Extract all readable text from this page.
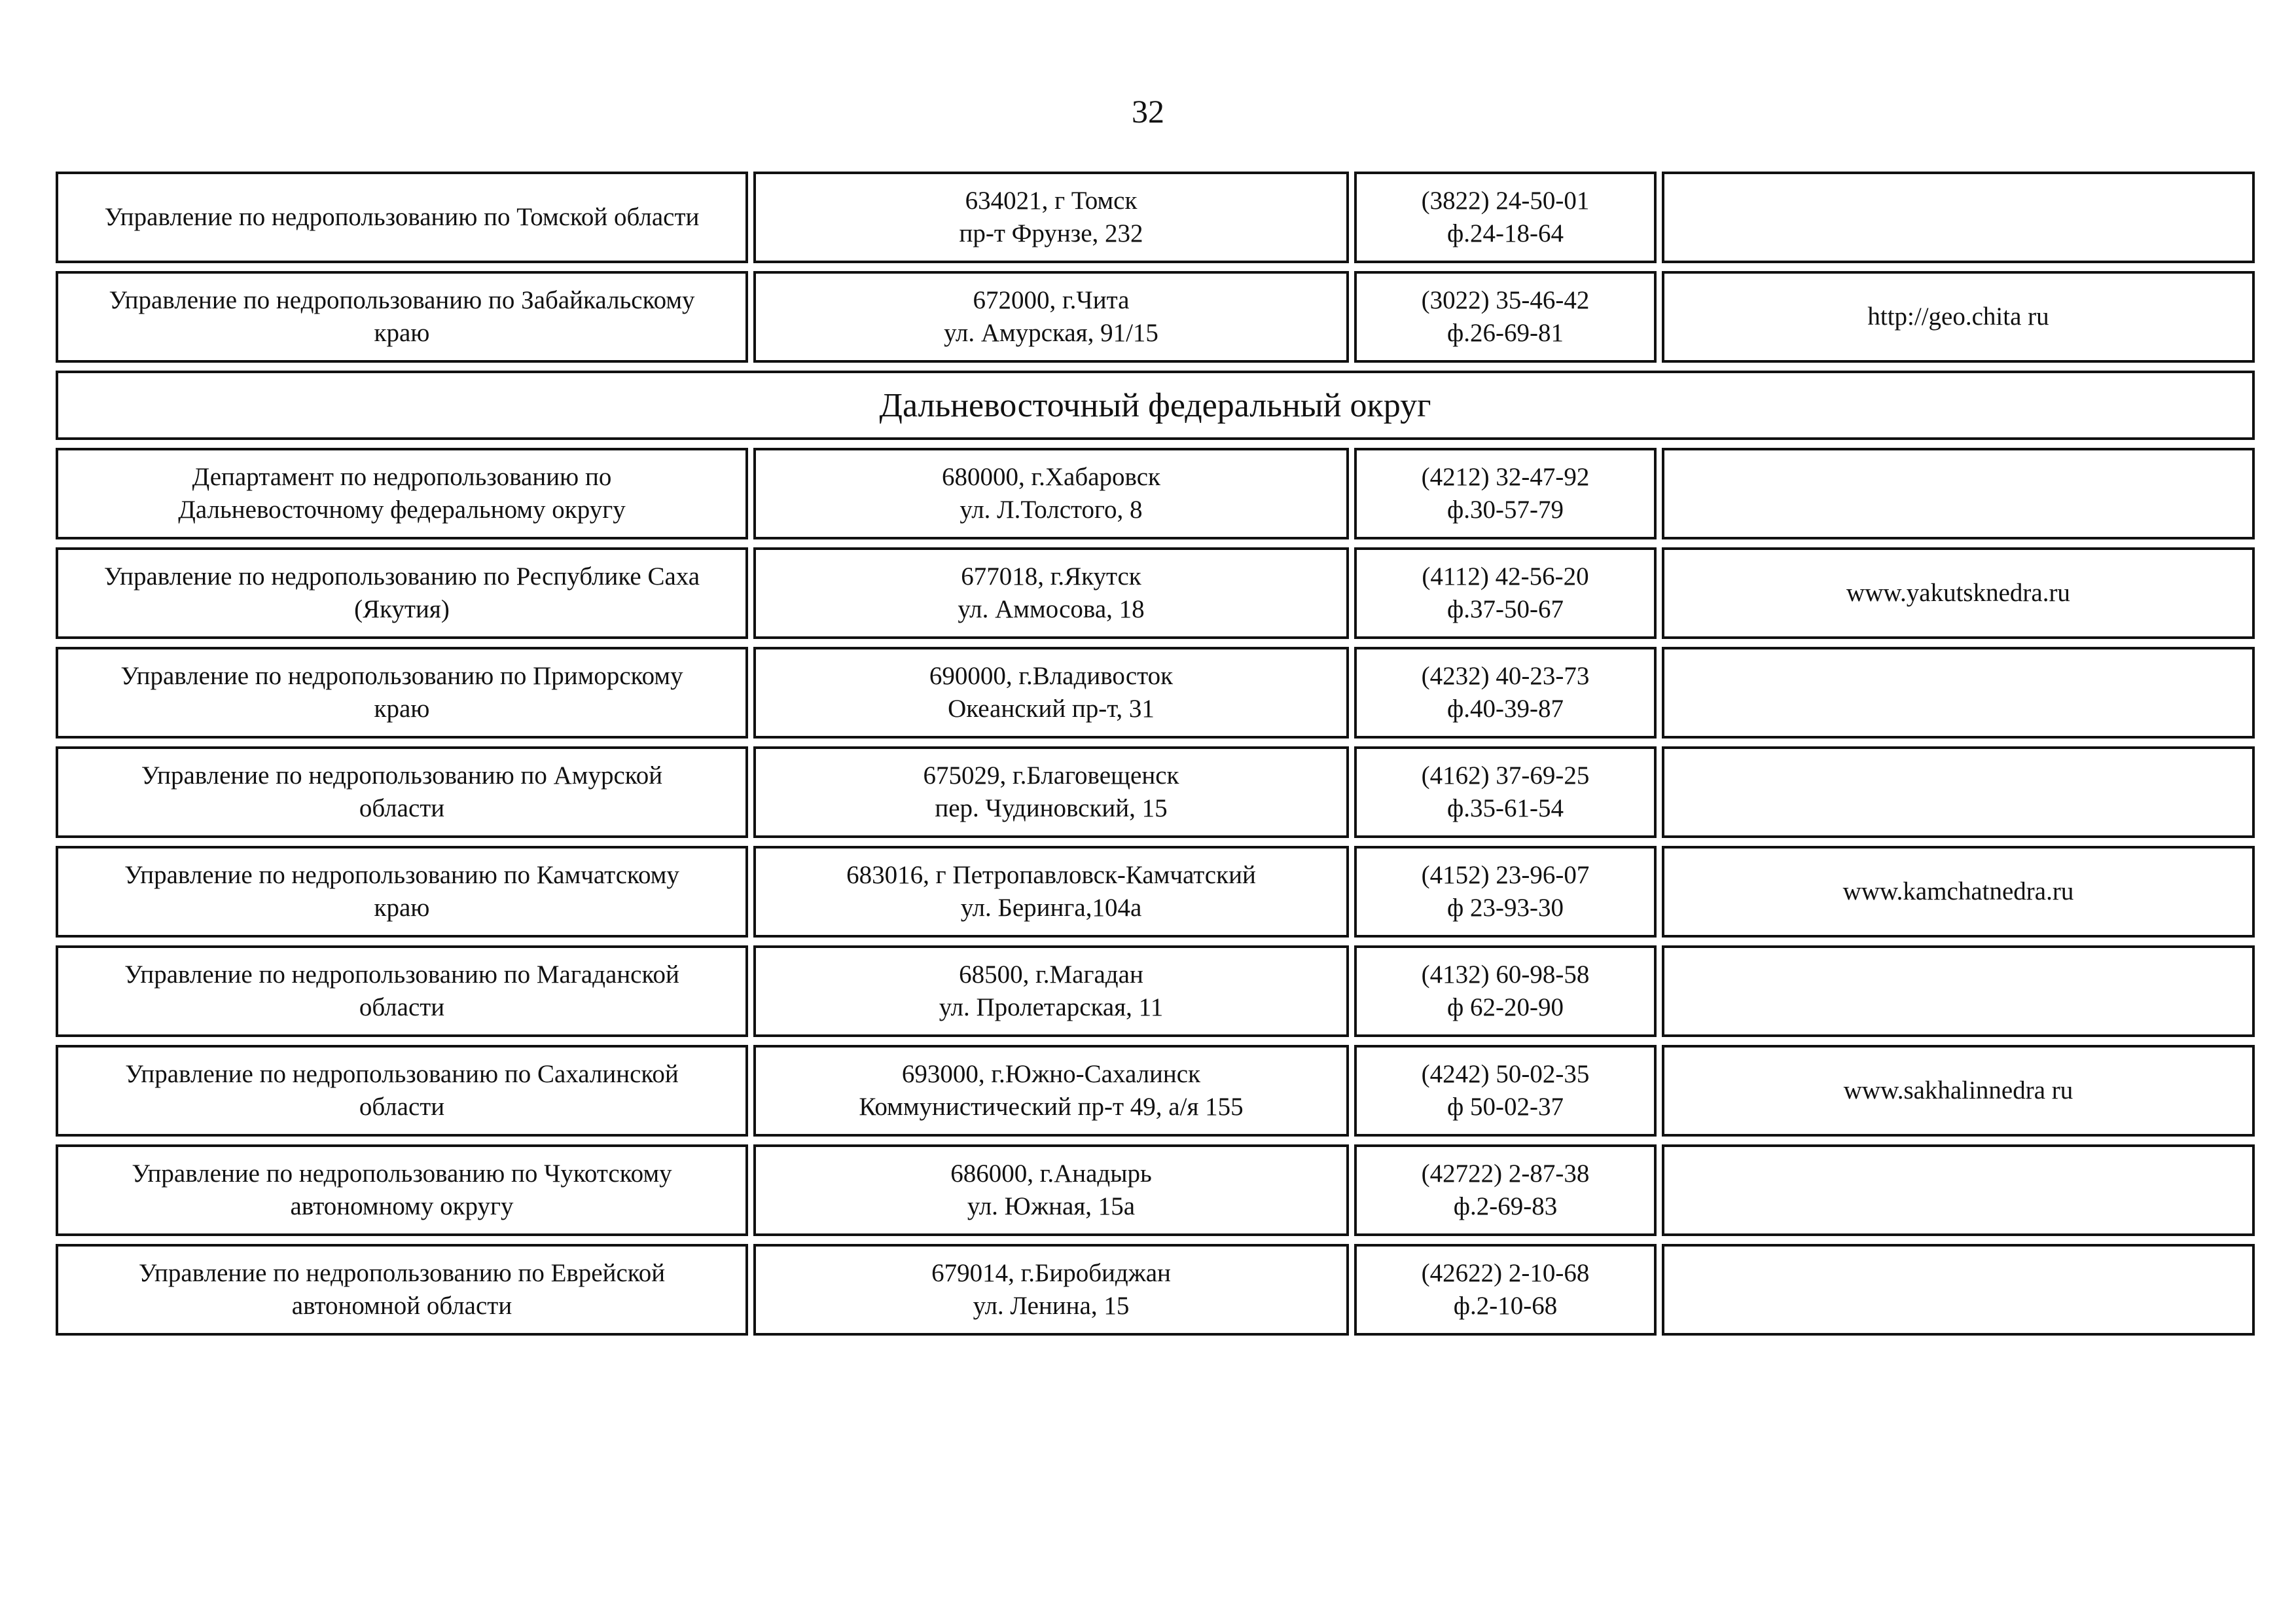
32
Управление по недропользованию по Томской области
634021, г Томск
пр-т Фрунзе, 232
(3822) 24-50-01
ф.24-18-64
Управление по недропользованию по Забайкальскому
краю
672000, г.Чита
ул. Амурская, 91/15
(3022) 35-46-42
ф.26-69-81
http://geo.chita ru
Дальневосточный федеральный округ
Департамент по недропользованию по
Дальневосточному федеральному округу
680000, г.Хабаровск
ул. Л.Толстого, 8
(4212) 32-47-92
ф.30-57-79
Управление по недропользованию по Республике Саха
(Якутия)
677018, г.Якутск
ул. Аммосова, 18
(4112) 42-56-20
ф.37-50-67
www.yakutsknedra.ru
Управление по недропользованию по Приморскому
краю
690000, г.Владивосток
Океанский пр-т, 31
(4232) 40-23-73
ф.40-39-87
Управление по недропользованию по Амурской
области
675029, г.Благовещенск
пер. Чудиновский, 15
(4162) 37-69-25
ф.35-61-54
Управление по недропользованию по Камчатскому
краю
683016, г Петропавловск-Камчатский
ул. Беринга,104а
(4152) 23-96-07
ф 23-93-30
www.kamchatnedra.ru
Управление по недропользованию по Магаданской
области
68500, г.Магадан
ул. Пролетарская, 11
(4132) 60-98-58
ф 62-20-90
Управление по недропользованию по Сахалинской
области
693000, г.Южно-Сахалинск
Коммунистический пр-т 49, а/я 155
(4242) 50-02-35
ф 50-02-37
www.sakhalinnedra ru
Управление по недропользованию по Чукотскому
автономному округу
686000, г.Анадырь
ул. Южная, 15а
(42722) 2-87-38
ф.2-69-83
Управление по недропользованию по Еврейской
автономной области
679014, г.Биробиджан
ул. Ленина, 15
(42622) 2-10-68
ф.2-10-68
